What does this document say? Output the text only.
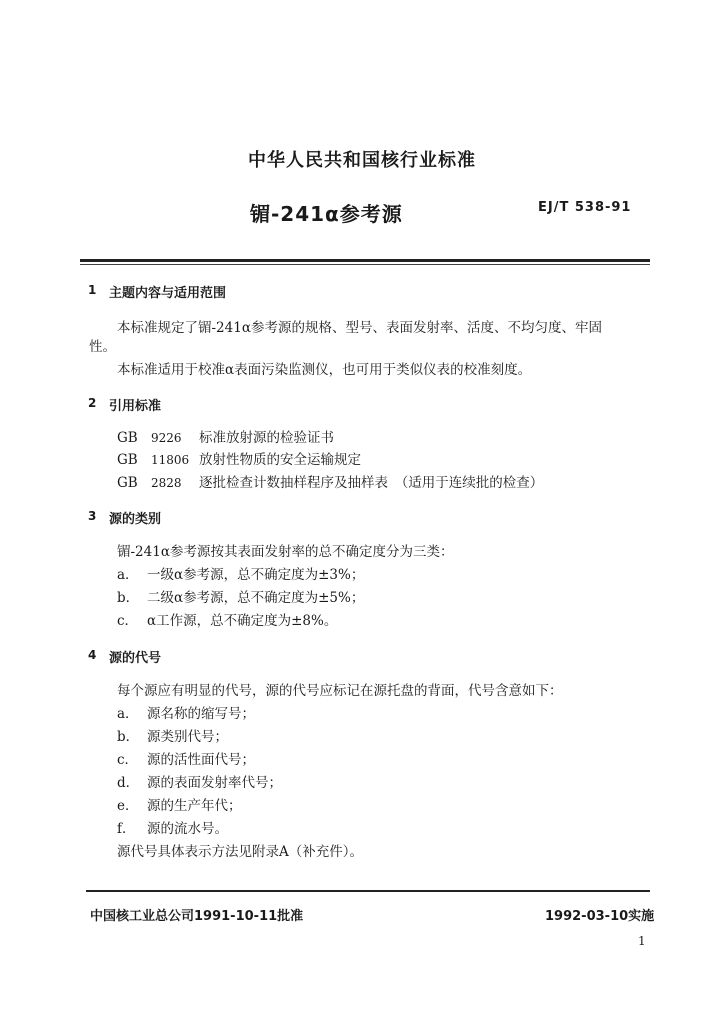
中华人民共和国核行业标准
镅-241α参考源	EJ/T 538-91
1 主题内容与适用范围
本标准规定了镅-241α参考源的规格、型号、表面发射率、活度、不均匀度、牢固
性。
本标准适用于校准α表面污染监测仪，也可用于类似仪表的校准刻度。
2 引用标准
GB 9226 标准放射源的检验证书
GB 11806 放射性物质的安全运输规定
GB 2828 逐批检查计数抽样程序及抽样表　（适用于连续批的检查）
3 源的类别
镅-241α参考源按其表面发射率的总不确定度分为三类：
a． 一级α参考源，总不确定度为±3%；
b． 二级α参考源，总不确定度为±5%；
c． α工作源，总不确定度为±8%。
4 源的代号
每个源应有明显的代号，源的代号应标记在源托盘的背面，代号含意如下：
a． 源名称的缩写号；
b． 源类别代号；
c． 源的活性面代号；
d． 源的表面发射率代号；
e． 源的生产年代；
f． 源的流水号。
源代号具体表示方法见附录A（补充件）。
中国核工业总公司1991-10-11批准	1992-03-10实施
1
